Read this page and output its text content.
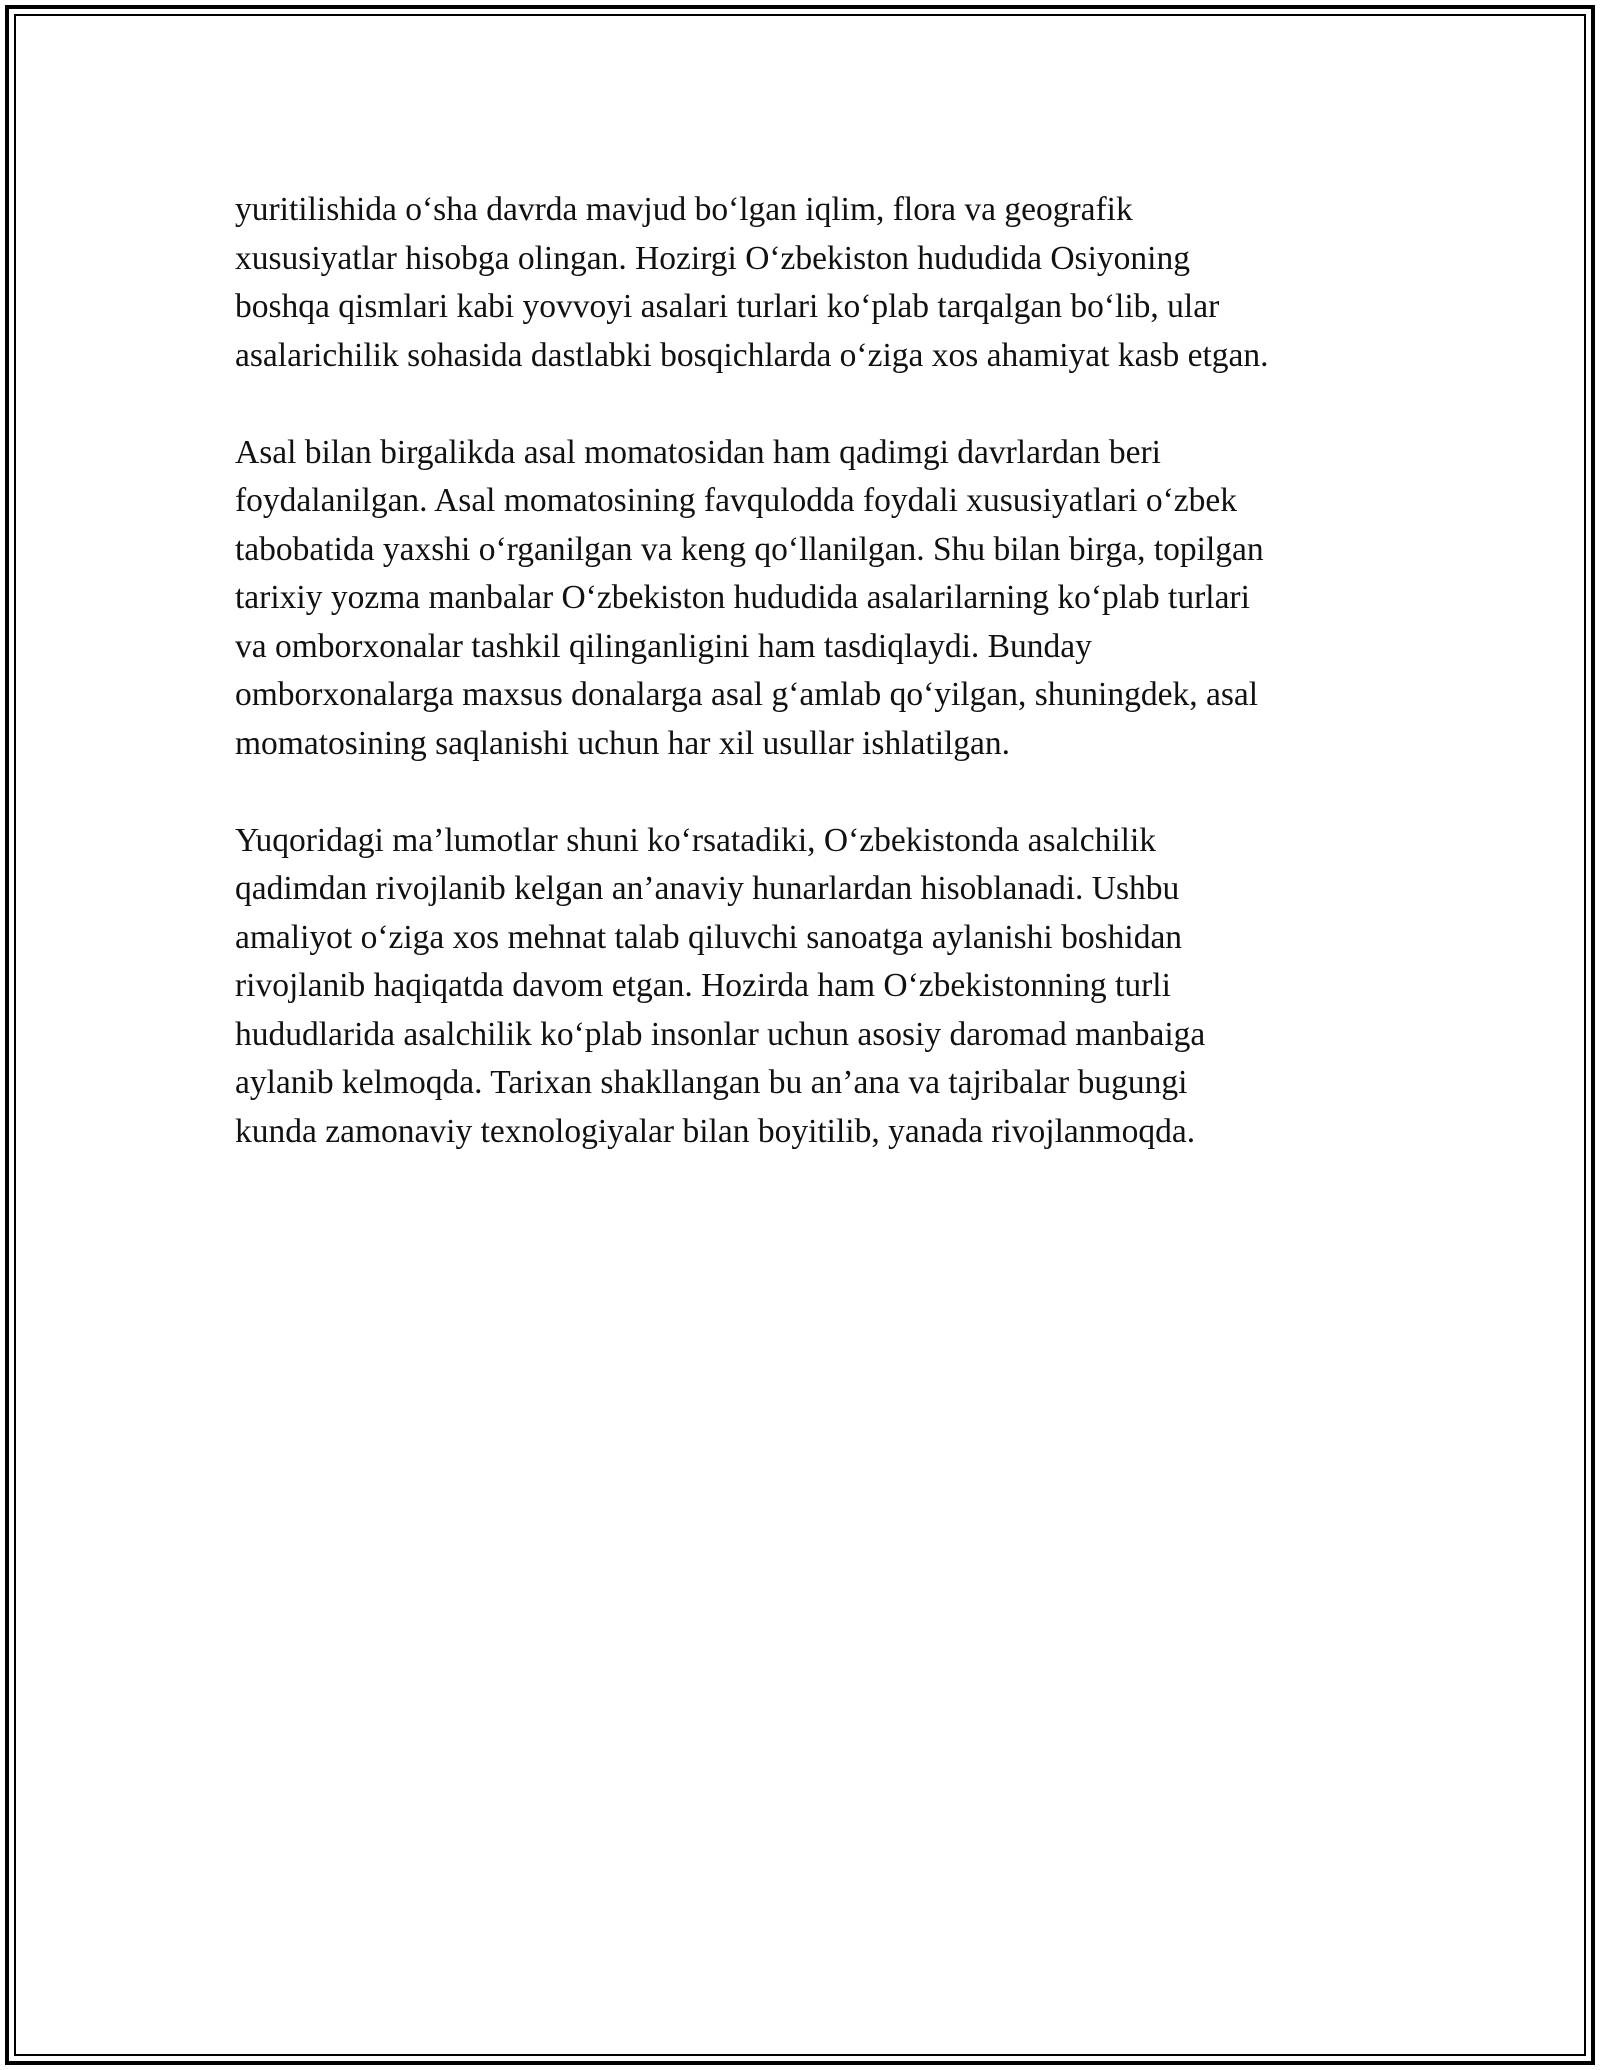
yuritilishida o‘sha davrda mavjud bo‘lgan iqlim, flora va geografik
xususiyatlar hisobga olingan. Hozirgi O‘zbekiston hududida Osiyoning
boshqa qismlari kabi yovvoyi asalari turlari ko‘plab tarqalgan bo‘lib, ular
asalarichilik sohasida dastlabki bosqichlarda o‘ziga xos ahamiyat kasb etgan.
Asal bilan birgalikda asal momatosidan ham qadimgi davrlardan beri
foydalanilgan. Asal momatosining favqulodda foydali xususiyatlari o‘zbek
tabobatida yaxshi o‘rganilgan va keng qo‘llanilgan. Shu bilan birga, topilgan
tarixiy yozma manbalar O‘zbekiston hududida asalarilarning ko‘plab turlari
va omborxonalar tashkil qilinganligini ham tasdiqlaydi. Bunday
omborxonalarga maxsus donalarga asal g‘amlab qo‘yilgan, shuningdek, asal
momatosining saqlanishi uchun har xil usullar ishlatilgan.
Yuqoridagi ma’lumotlar shuni ko‘rsatadiki, O‘zbekistonda asalchilik
qadimdan rivojlanib kelgan an’anaviy hunarlardan hisoblanadi. Ushbu
amaliyot o‘ziga xos mehnat talab qiluvchi sanoatga aylanishi boshidan
rivojlanib haqiqatda davom etgan. Hozirda ham O‘zbekistonning turli
hududlarida asalchilik ko‘plab insonlar uchun asosiy daromad manbaiga
aylanib kelmoqda. Tarixan shakllangan bu an’ana va tajribalar bugungi
kunda zamonaviy texnologiyalar bilan boyitilib, yanada rivojlanmoqda.
